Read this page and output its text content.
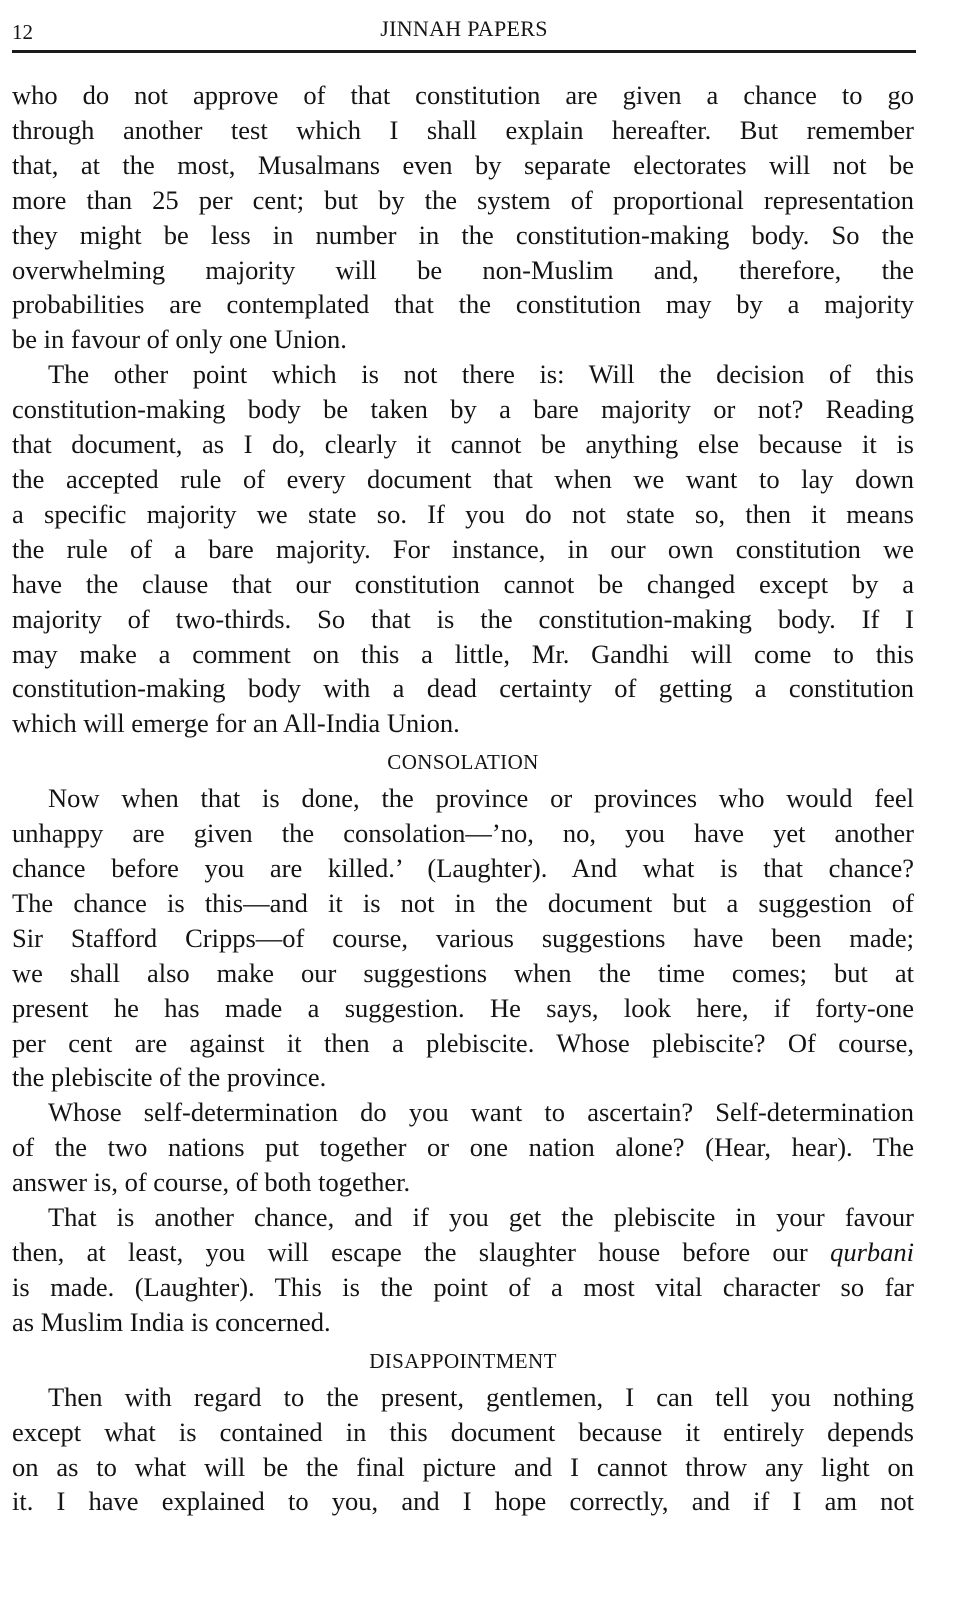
12	JINNAH PAPERS
who do not approve of that constitution are given a chance to go
through another test which I shall explain hereafter. But remember
that, at the most, Musalmans even by separate electorates will not be
more than 25 per cent; but by the system of proportional representation
they might be less in number in the constitution-making body. So the
overwhelming majority will be non-Muslim and, therefore, the
probabilities are contemplated that the constitution may by a majority
be in favour of only one Union.
The other point which is not there is: Will the decision of this
constitution-making body be taken by a bare majority or not? Reading
that document, as I do, clearly it cannot be anything else because it is
the accepted rule of every document that when we want to lay down
a specific majority we state so. If you do not state so, then it means
the rule of a bare majority. For instance, in our own constitution we
have the clause that our constitution cannot be changed except by a
majority of two-thirds. So that is the constitution-making body. If I
may make a comment on this a little, Mr. Gandhi will come to this
constitution-making body with a dead certainty of getting a constitution
which will emerge for an All-India Union.
CONSOLATION
Now when that is done, the province or provinces who would feel
unhappy are given the consolation—’no, no, you have yet another
chance before you are killed.’ (Laughter). And what is that chance?
The chance is this—and it is not in the document but a suggestion of
Sir Stafford Cripps—of course, various suggestions have been made;
we shall also make our suggestions when the time comes; but at
present he has made a suggestion. He says, look here, if forty-one
per cent are against it then a plebiscite. Whose plebiscite? Of course,
the plebiscite of the province.
Whose self-determination do you want to ascertain? Self-determination
of the two nations put together or one nation alone? (Hear, hear). The
answer is, of course, of both together.
That is another chance, and if you get the plebiscite in your favour
then, at least, you will escape the slaughter house before our qurbani
is made. (Laughter). This is the point of a most vital character so far
as Muslim India is concerned.
DISAPPOINTMENT
Then with regard to the present, gentlemen, I can tell you nothing
except what is contained in this document because it entirely depends
on as to what will be the final picture and I cannot throw any light on
it. I have explained to you, and I hope correctly, and if I am not
